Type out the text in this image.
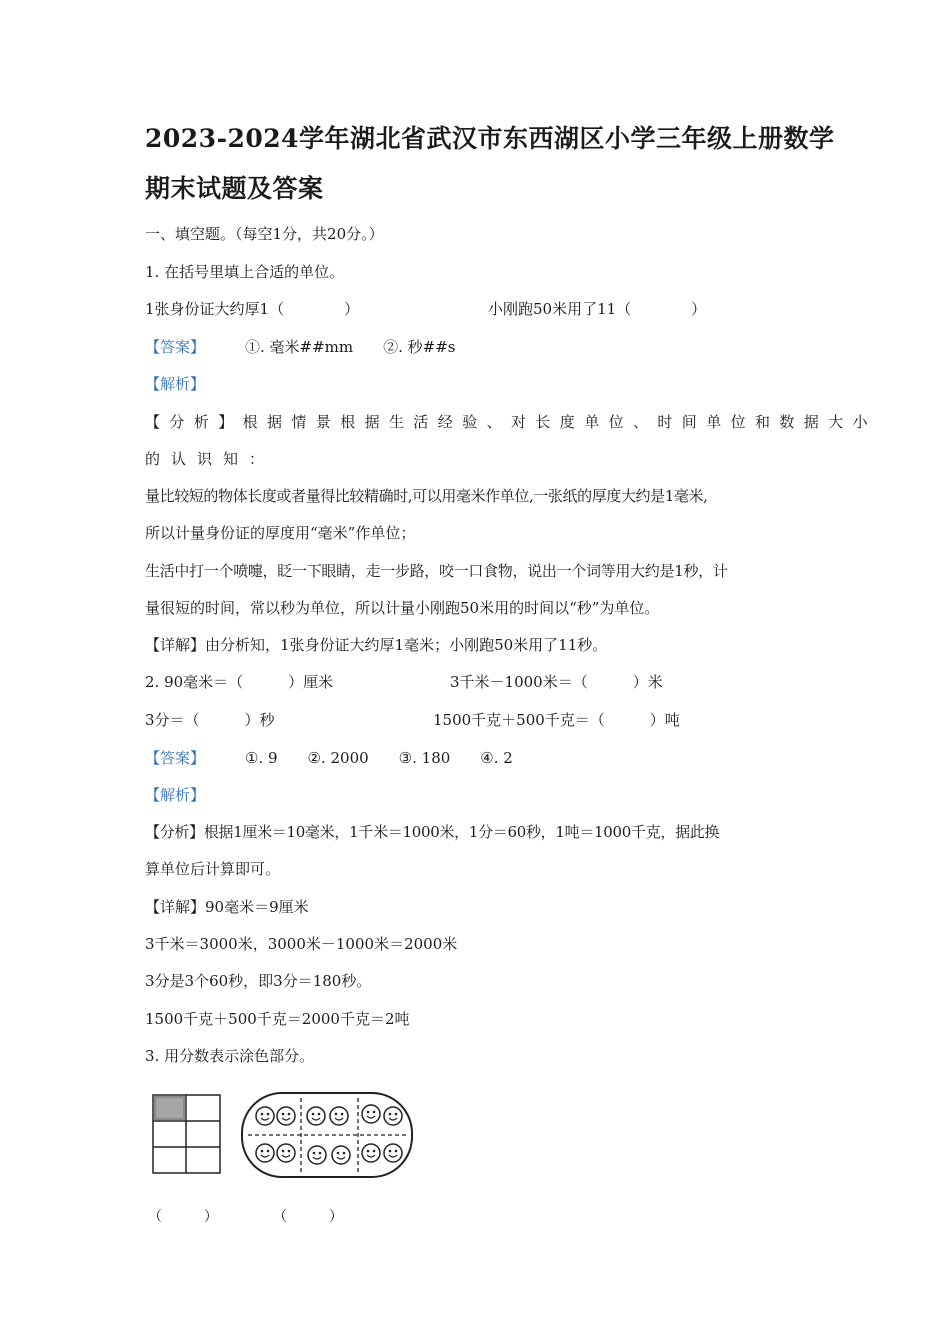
2023-2024学年湖北省武汉市东西湖区小学三年级上册数学
期末试题及答案
一、填空题。（每空1分，共20分。）
1. 在括号里填上合适的单位。
1张身份证大约厚1（　　　　）	小刚跑50米用了11（　　　　）
【答案】	①. 毫米##mm　　②. 秒##s
【解析】
【分析】根据情景根据生活经验、对长度单位、时间单位和数据大小
的认识知：
量比较短的物体长度或者量得比较精确时,可以用毫米作单位,一张纸的厚度大约是1毫米,
所以计量身份证的厚度用“毫米”作单位；
生活中打一个喷嚏，眨一下眼睛，走一步路，咬一口食物，说出一个词等用大约是1秒，计
量很短的时间，常以秒为单位，所以计量小刚跑50米用的时间以“秒”为单位。
【详解】由分析知，1张身份证大约厚1毫米；小刚跑50米用了11秒。
2. 90毫米＝（　　　）厘米	3千米－1000米＝（　　　）米
3分＝（　　　）秒	1500千克＋500千克＝（　　　）吨
【答案】	①. 9　　②. 2000　　③. 180　　④. 2
【解析】
【分析】根据1厘米＝10毫米，1千米＝1000米，1分＝60秒，1吨＝1000千克，据此换
算单位后计算即可。
【详解】90毫米＝9厘米
3千米＝3000米，3000米－1000米＝2000米
3分是3个60秒，即3分＝180秒。
1500千克＋500千克＝2000千克＝2吨
3. 用分数表示涂色部分。
（　　　）	（　　　）
